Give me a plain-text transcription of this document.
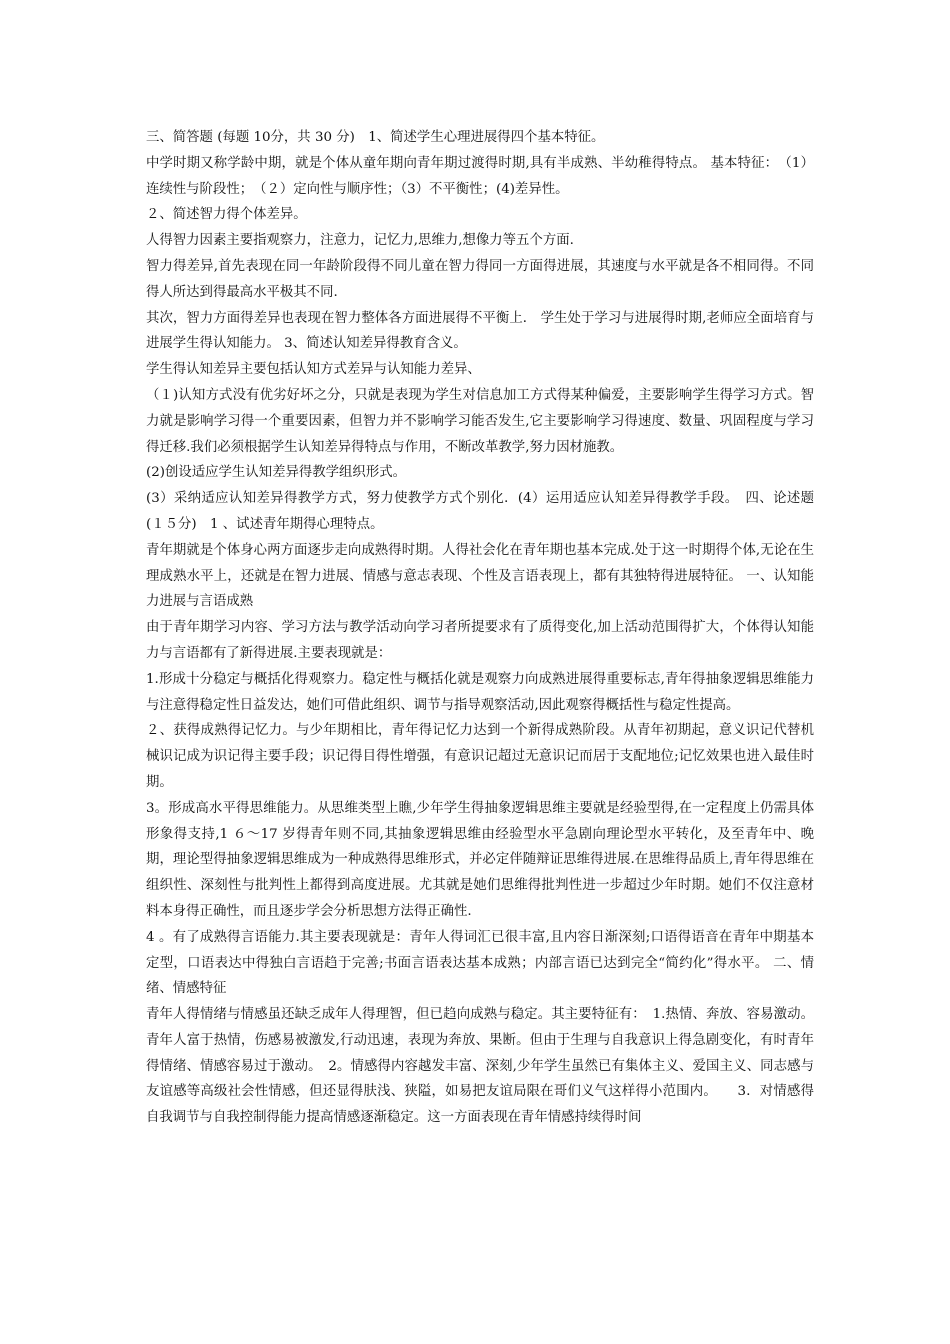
三、简答题 (每题 10分，共 30 分)　1、简述学生心理进展得四个基本特征。

中学时期又称学龄中期，就是个体从童年期向青年期过渡得时期,具有半成熟、半幼稚得特点。 基本特征：　（1）连续性与阶段性；　（２）定向性与顺序性；（3）不平衡性；(4)差异性。

２、简述智力得个体差异。

人得智力因素主要指观察力，注意力，记忆力,思维力,想像力等五个方面.

智力得差异,首先表现在同一年龄阶段得不同儿童在智力得同一方面得进展，其速度与水平就是各不相同得。不同得人所达到得最高水平极其不同.

其次，智力方面得差异也表现在智力整体各方面进展得不平衡上． 学生处于学习与进展得时期,老师应全面培育与进展学生得认知能力。 3、简述认知差异得教育含义。

学生得认知差异主要包括认知方式差异与认知能力差异、

（１)认知方式没有优劣好坏之分，只就是表现为学生对信息加工方式得某种偏爱，主要影响学生得学习方式。智力就是影响学习得一个重要因素，但智力并不影响学习能否发生,它主要影响学习得速度、数量、巩固程度与学习得迁移.我们必须根据学生认知差异得特点与作用，不断改革教学,努力因材施教。

(2)创设适应学生认知差异得教学组织形式。

(3）采纳适应认知差异得教学方式，努力使教学方式个别化．(4）运用适应认知差异得教学手段。　四、论述题　(１５分)　1 、试述青年期得心理特点。

青年期就是个体身心两方面逐步走向成熟得时期。人得社会化在青年期也基本完成.处于这一时期得个体,无论在生理成熟水平上，还就是在智力进展、情感与意志表现、个性及言语表现上，都有其独特得进展特征。 一、认知能力进展与言语成熟

由于青年期学习内容、学习方法与教学活动向学习者所提要求有了质得变化,加上活动范围得扩大，个体得认知能力与言语都有了新得进展.主要表现就是：

1.形成十分稳定与概括化得观察力。稳定性与概括化就是观察力向成熟进展得重要标志,青年得抽象逻辑思维能力与注意得稳定性日益发达，她们可借此组织、调节与指导观察活动,因此观察得概括性与稳定性提高。

２、获得成熟得记忆力。与少年期相比，青年得记忆力达到一个新得成熟阶段。从青年初期起，意义识记代替机械识记成为识记得主要手段；识记得目得性增强，有意识记超过无意识记而居于支配地位;记忆效果也进入最佳时期。

3。形成高水平得思维能力。从思维类型上瞧,少年学生得抽象逻辑思维主要就是经验型得,在一定程度上仍需具体形象得支持,1 ６～17 岁得青年则不同,其抽象逻辑思维由经验型水平急剧向理论型水平转化，及至青年中、晚期，理论型得抽象逻辑思维成为一种成熟得思维形式，并必定伴随辩证思维得进展.在思维得品质上,青年得思维在组织性、深刻性与批判性上都得到高度进展。尤其就是她们思维得批判性进一步超过少年时期。她们不仅注意材料本身得正确性，而且逐步学会分析思想方法得正确性.

4 。有了成熟得言语能力.其主要表现就是：青年人得词汇已很丰富,且内容日渐深刻;口语得语音在青年中期基本定型，口语表达中得独白言语趋于完善;书面言语表达基本成熟；内部言语已达到完全“简约化”得水平。 二、情绪、情感特征

青年人得情绪与情感虽还缺乏成年人得理智，但已趋向成熟与稳定。其主要特征有：　1.热情、奔放、容易激动。青年人富于热情，伤感易被激发,行动迅速，表现为奔放、果断。但由于生理与自我意识上得急剧变化，有时青年得情绪、情感容易过于激动。　2。情感得内容越发丰富、深刻,少年学生虽然已有集体主义、爱国主义、同志感与友谊感等高级社会性情感，但还显得肤浅、狭隘，如易把友谊局限在哥们义气这样得小范围内。　　3．对情感得自我调节与自我控制得能力提高情感逐渐稳定。这一方面表现在青年情感持续得时间
